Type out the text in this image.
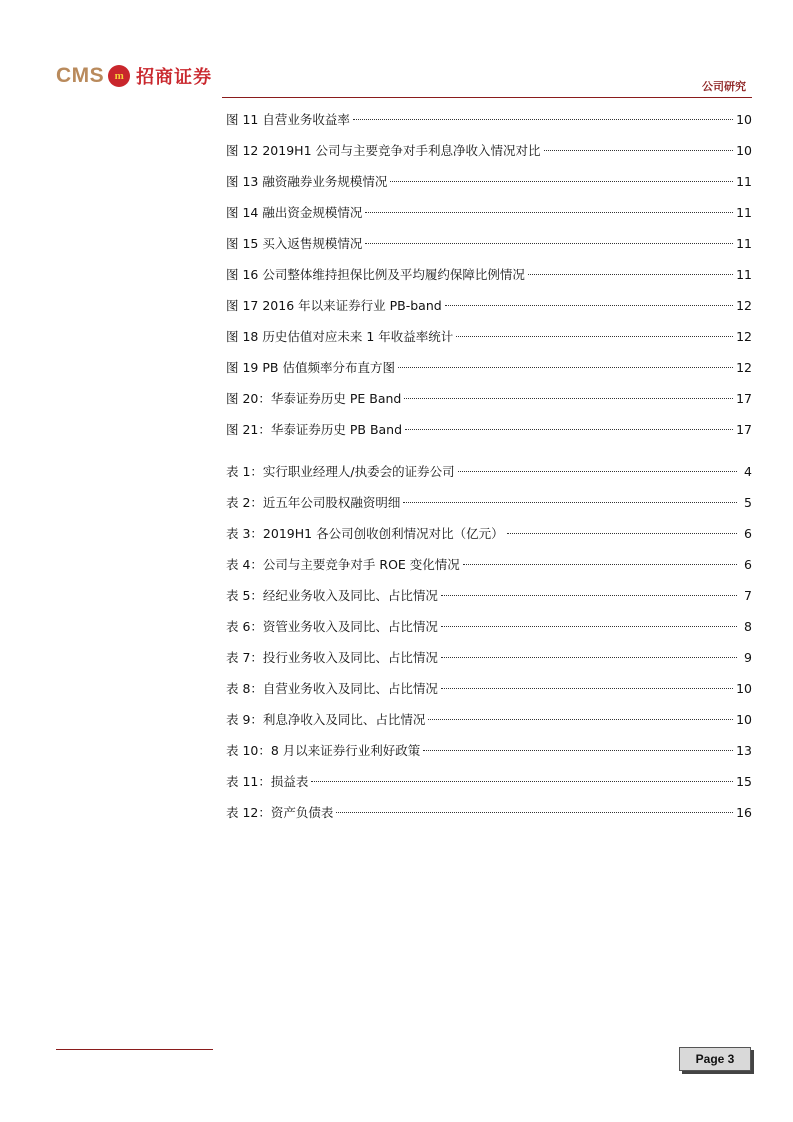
CMS m 招商证券	公司研究
图 11 自营业务收益率	10
图 12 2019H1 公司与主要竞争对手利息净收入情况对比	10
图 13 融资融券业务规模情况	11
图 14 融出资金规模情况	11
图 15 买入返售规模情况	11
图 16 公司整体维持担保比例及平均履约保障比例情况	11
图 17 2016 年以来证券行业 PB-band	12
图 18 历史估值对应未来 1 年收益率统计	12
图 19 PB 估值频率分布直方图	12
图 20：华泰证券历史 PE Band	17
图 21：华泰证券历史 PB Band	17
表 1：实行职业经理人/执委会的证券公司	4
表 2：近五年公司股权融资明细	5
表 3：2019H1 各公司创收创利情况对比（亿元）	6
表 4：公司与主要竞争对手 ROE 变化情况	6
表 5：经纪业务收入及同比、占比情况	7
表 6：资管业务收入及同比、占比情况	8
表 7：投行业务收入及同比、占比情况	9
表 8：自营业务收入及同比、占比情况	10
表 9：利息净收入及同比、占比情况	10
表 10：8 月以来证券行业利好政策	13
表 11：损益表	15
表 12：资产负债表	16
Page 3
